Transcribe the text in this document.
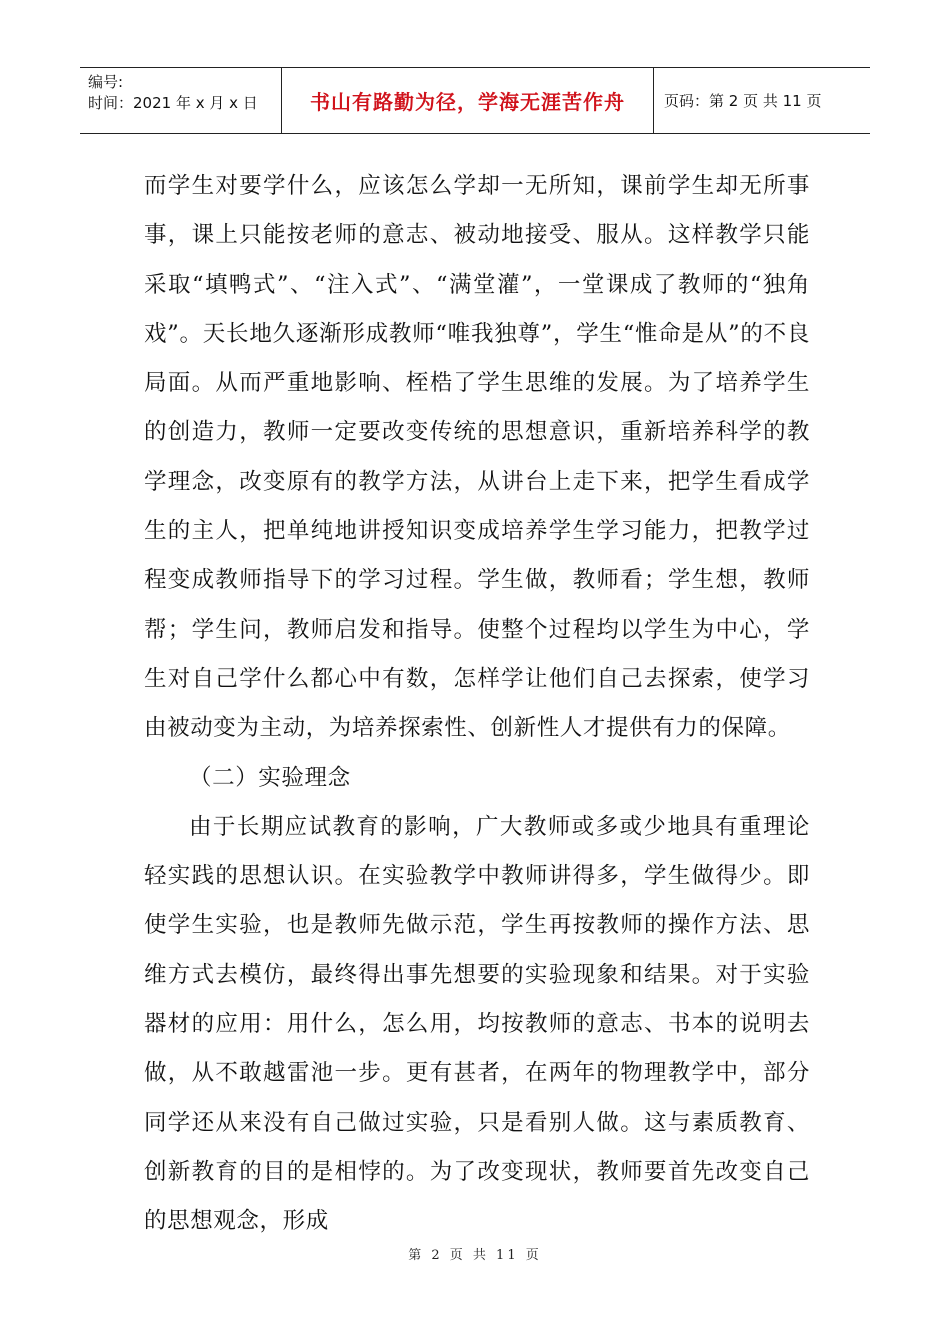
编号:
时间：2021 年 x 月 x 日	书山有路勤为径，学海无涯苦作舟	页码：第 2 页 共 11 页

而学生对要学什么，应该怎么学却一无所知，课前学生却无所事事，课上只能按老师的意志、被动地接受、服从。这样教学只能采取“填鸭式”、“注入式”、“满堂灌”，一堂课成了教师的“独角戏”。天长地久逐渐形成教师“唯我独尊”，学生“惟命是从”的不良局面。从而严重地影响、桎梏了学生思维的发展。为了培养学生的创造力，教师一定要改变传统的思想意识，重新培养科学的教学理念，改变原有的教学方法，从讲台上走下来，把学生看成学生的主人，把单纯地讲授知识变成培养学生学习能力，把教学过程变成教师指导下的学习过程。学生做，教师看；学生想，教师帮；学生问，教师启发和指导。使整个过程均以学生为中心，学生对自己学什么都心中有数，怎样学让他们自己去探索，使学习由被动变为主动，为培养探索性、创新性人才提供有力的保障。

（二）实验理念

由于长期应试教育的影响，广大教师或多或少地具有重理论轻实践的思想认识。在实验教学中教师讲得多，学生做得少。即使学生实验，也是教师先做示范，学生再按教师的操作方法、思维方式去模仿，最终得出事先想要的实验现象和结果。对于实验器材的应用：用什么，怎么用，均按教师的意志、书本的说明去做，从不敢越雷池一步。更有甚者，在两年的物理教学中，部分同学还从来没有自己做过实验，只是看别人做。这与素质教育、创新教育的目的是相悖的。为了改变现状，教师要首先改变自己的思想观念，形成

第 2 页 共 11 页
